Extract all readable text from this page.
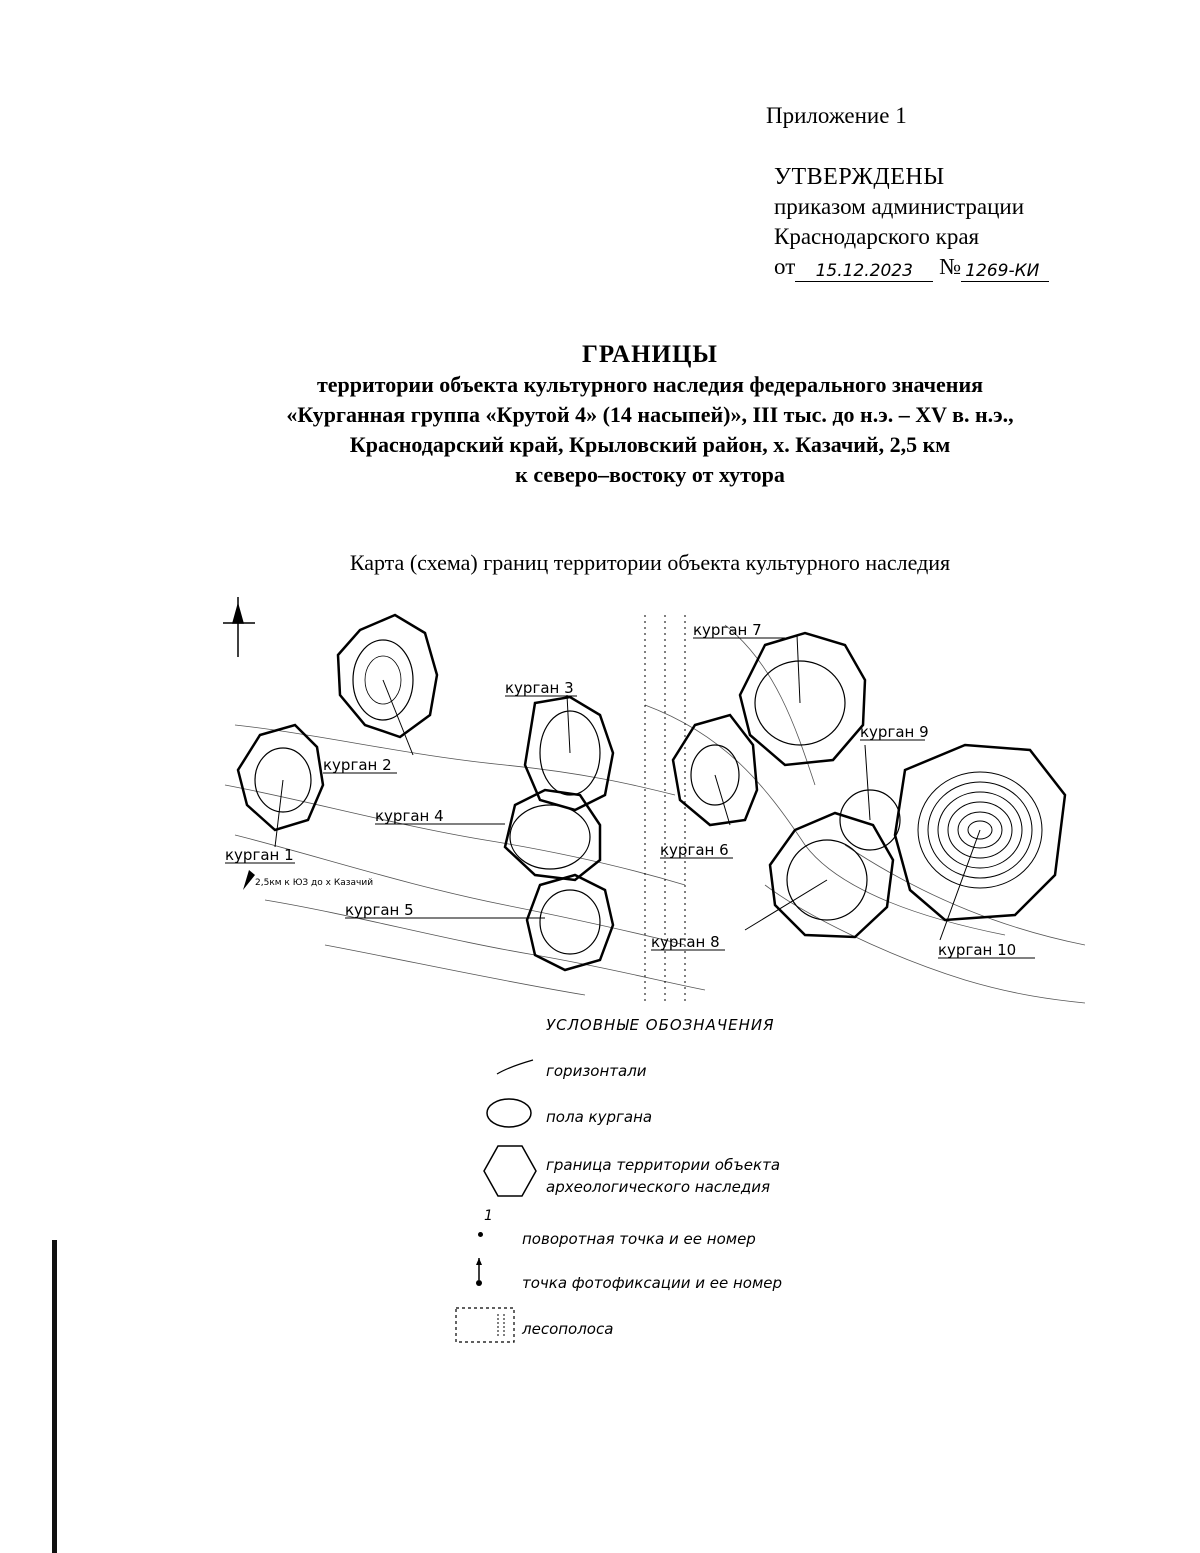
Приложение 1
УТВЕРЖДЕНЫ
приказом администрации
Краснодарского края
от	15.12.2023	№ 1269-КИ
ГРАНИЦЫ
территории объекта культурного наследия федерального значения
«Курганная группа «Крутой 4» (14 насыпей)», III тыс. до н.э. – XV в. н.э.,
Краснодарский край, Крыловский район, х. Казачий, 2,5 км
к северо–востоку от хутора
Карта (схема) границ территории объекта культурного наследия
курган 1
курган 2
курган 3
курган 4
курган 5
курган 6
курган 7
курган 8
курган 9
курган 10
2,5км к ЮЗ до х Казачий
УСЛОВНЫЕ ОБОЗНАЧЕНИЯ
горизонтали
пола кургана
граница территории объекта
археологического наследия
1
поворотная точка и ее номер
точка фотофиксации и ее номер
лесополоса
